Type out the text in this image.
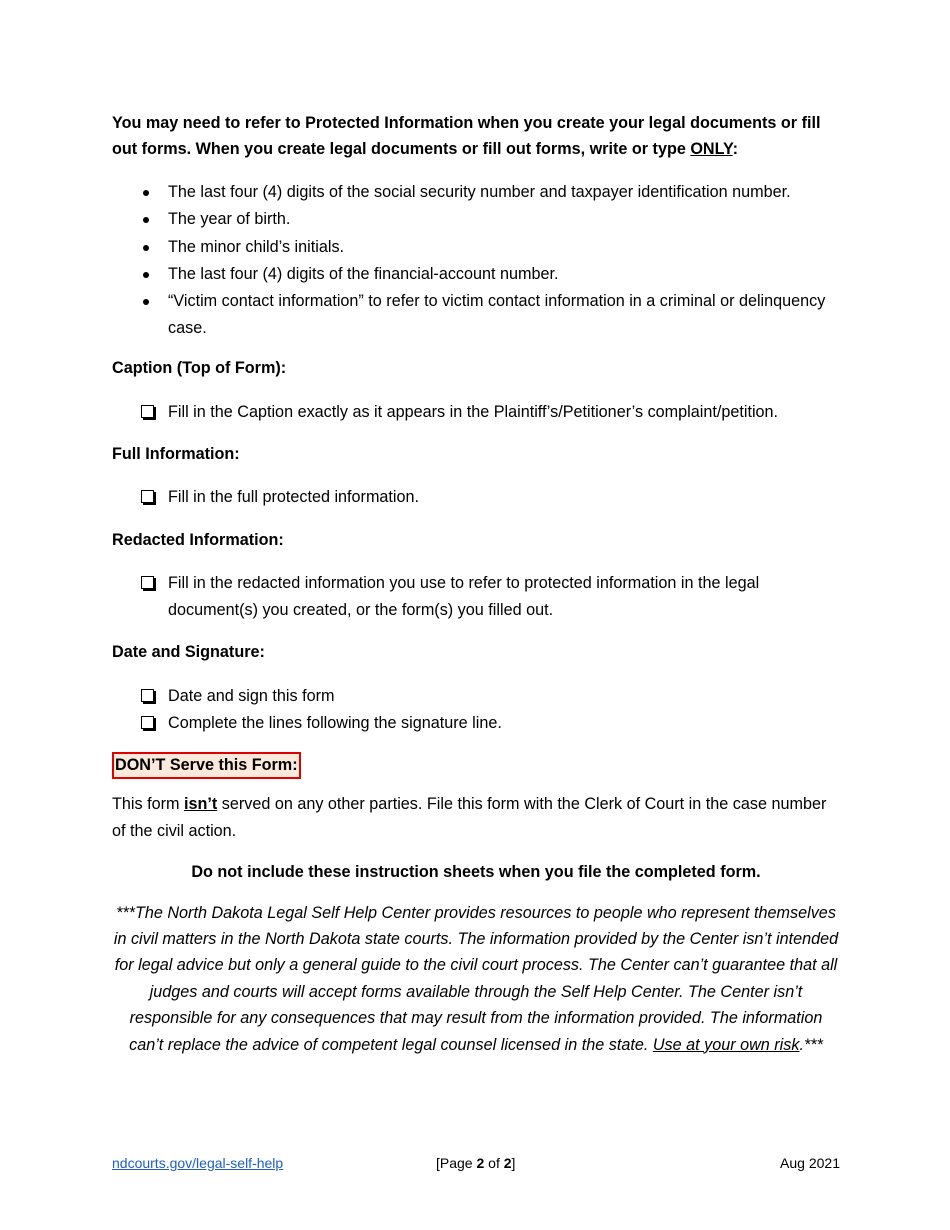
You may need to refer to Protected Information when you create your legal documents or fill out forms. When you create legal documents or fill out forms, write or type ONLY:

The last four (4) digits of the social security number and taxpayer identification number.
The year of birth.
The minor child’s initials.
The last four (4) digits of the financial-account number.
“Victim contact information” to refer to victim contact information in a criminal or delinquency case.
Caption (Top of Form):
Fill in the Caption exactly as it appears in the Plaintiff’s/Petitioner’s complaint/petition.
Full Information:
Fill in the full protected information.
Redacted Information:
Fill in the redacted information you use to refer to protected information in the legal document(s) you created, or the form(s) you filled out.
Date and Signature:
Date and sign this form
Complete the lines following the signature line.
DON’T Serve this Form:

This form isn’t served on any other parties. File this form with the Clerk of Court in the case number of the civil action.

Do not include these instruction sheets when you file the completed form.

***The North Dakota Legal Self Help Center provides resources to people who represent themselves in civil matters in the North Dakota state courts. The information provided by the Center isn’t intended for legal advice but only a general guide to the civil court process. The Center can’t guarantee that all judges and courts will accept forms available through the Self Help Center. The Center isn’t responsible for any consequences that may result from the information provided. The information can’t replace the advice of competent legal counsel licensed in the state. Use at your own risk.***

ndcourts.gov/legal-self-help	[Page 2 of 2]	Aug 2021
